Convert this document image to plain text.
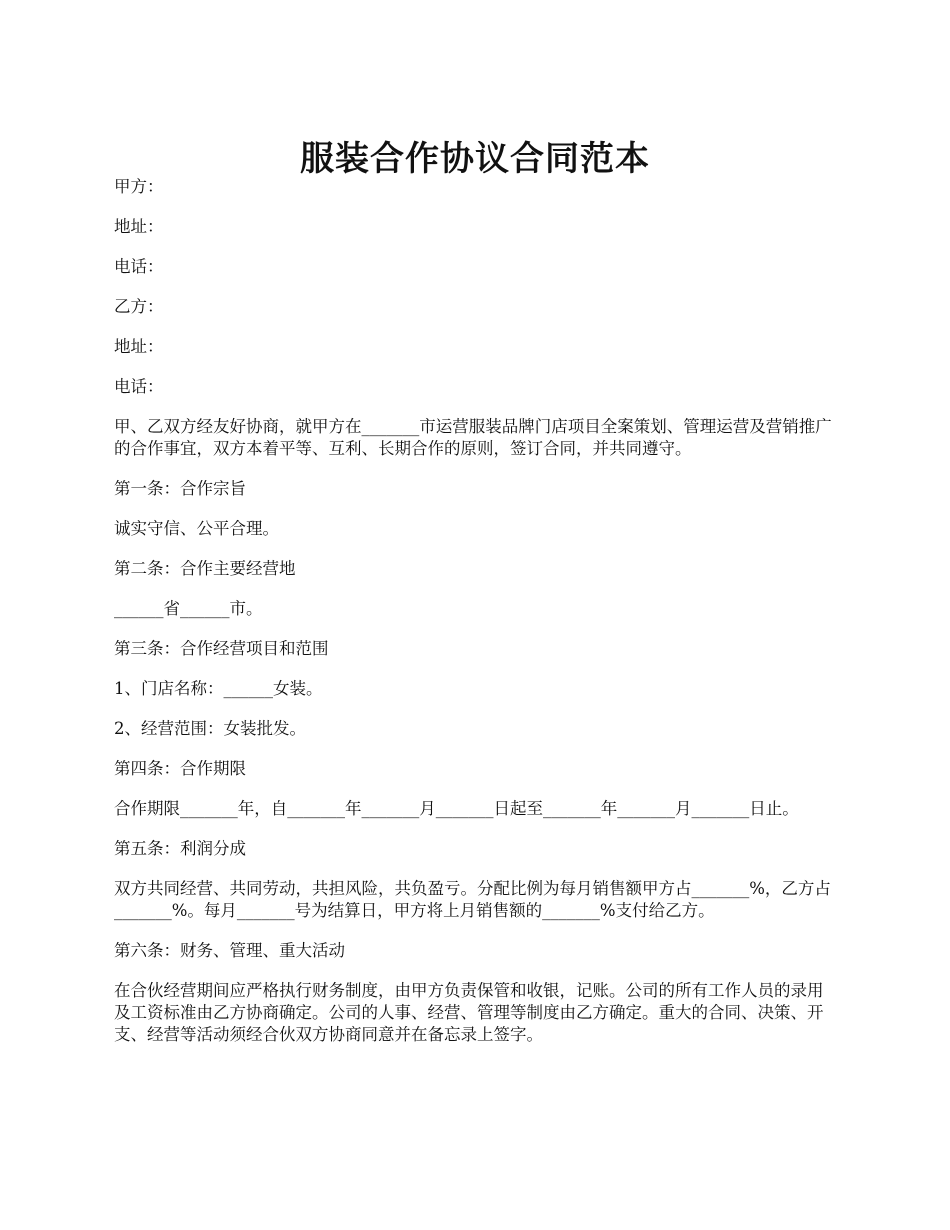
服装合作协议合同范本

甲方：

地址：

电话：

乙方：

地址：

电话：

甲、乙双方经友好协商，就甲方在_______市运营服装品牌门店项目全案策划、管理运营及营销推广的合作事宜，双方本着平等、互利、长期合作的原则，签订合同，并共同遵守。

第一条：合作宗旨

诚实守信、公平合理。

第二条：合作主要经营地

______省______市。

第三条：合作经营项目和范围

1、门店名称：______女装。

2、经营范围：女装批发。

第四条：合作期限

合作期限_______年，自_______年_______月_______日起至_______年_______月_______日止。

第五条：利润分成

双方共同经营、共同劳动，共担风险，共负盈亏。分配比例为每月销售额甲方占_______%，乙方占_______%。每月_______号为结算日，甲方将上月销售额的_______%支付给乙方。

第六条：财务、管理、重大活动

在合伙经营期间应严格执行财务制度，由甲方负责保管和收银，记账。公司的所有工作人员的录用及工资标准由乙方协商确定。公司的人事、经营、管理等制度由乙方确定。重大的合同、决策、开支、经营等活动须经合伙双方协商同意并在备忘录上签字。
